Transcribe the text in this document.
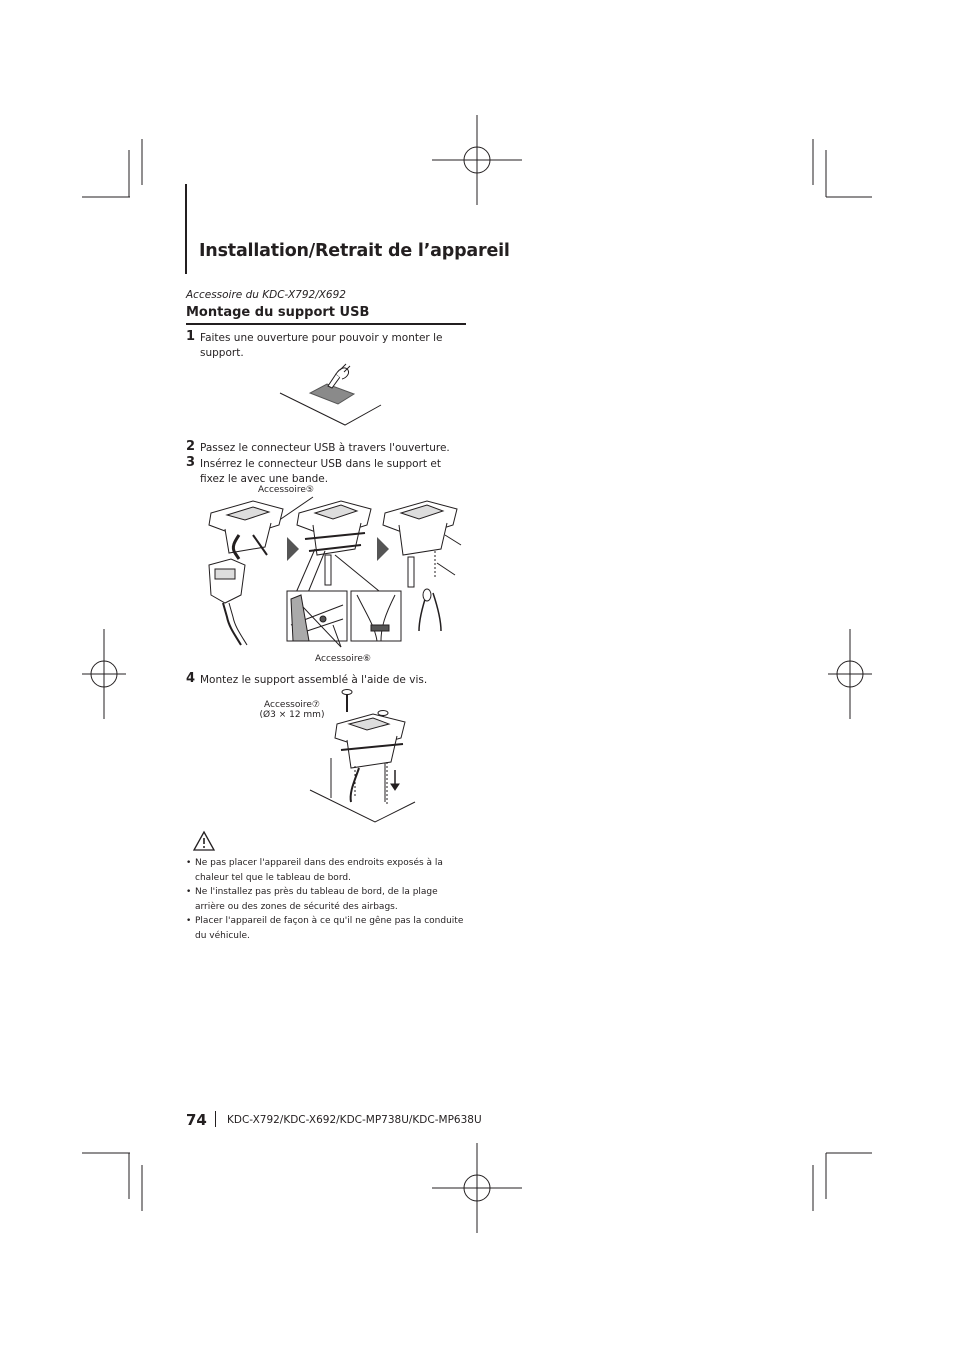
Installation/Retrait de l’appareil
Accessoire du KDC-X792/X692
Montage du support USB
1 Faites une ouverture pour pouvoir y monter le support.
2 Passez le connecteur USB à travers l'ouverture.
3 Insérrez le connecteur USB dans le support et fixez le avec une bande.
Accessoire⑤
Accessoire⑥
4 Montez le support assemblé à l'aide de vis.
Accessoire⑦
(Ø3 × 12 mm)
• Ne pas placer l'appareil dans des endroits exposés à la chaleur tel que le tableau de bord.
• Ne l'installez pas près du tableau de bord, de la plage arrière ou des zones de sécurité des airbags.
• Placer l'appareil de façon à ce qu'il ne gêne pas la conduite du véhicule.
74 KDC-X792/KDC-X692/KDC-MP738U/KDC-MP638U
